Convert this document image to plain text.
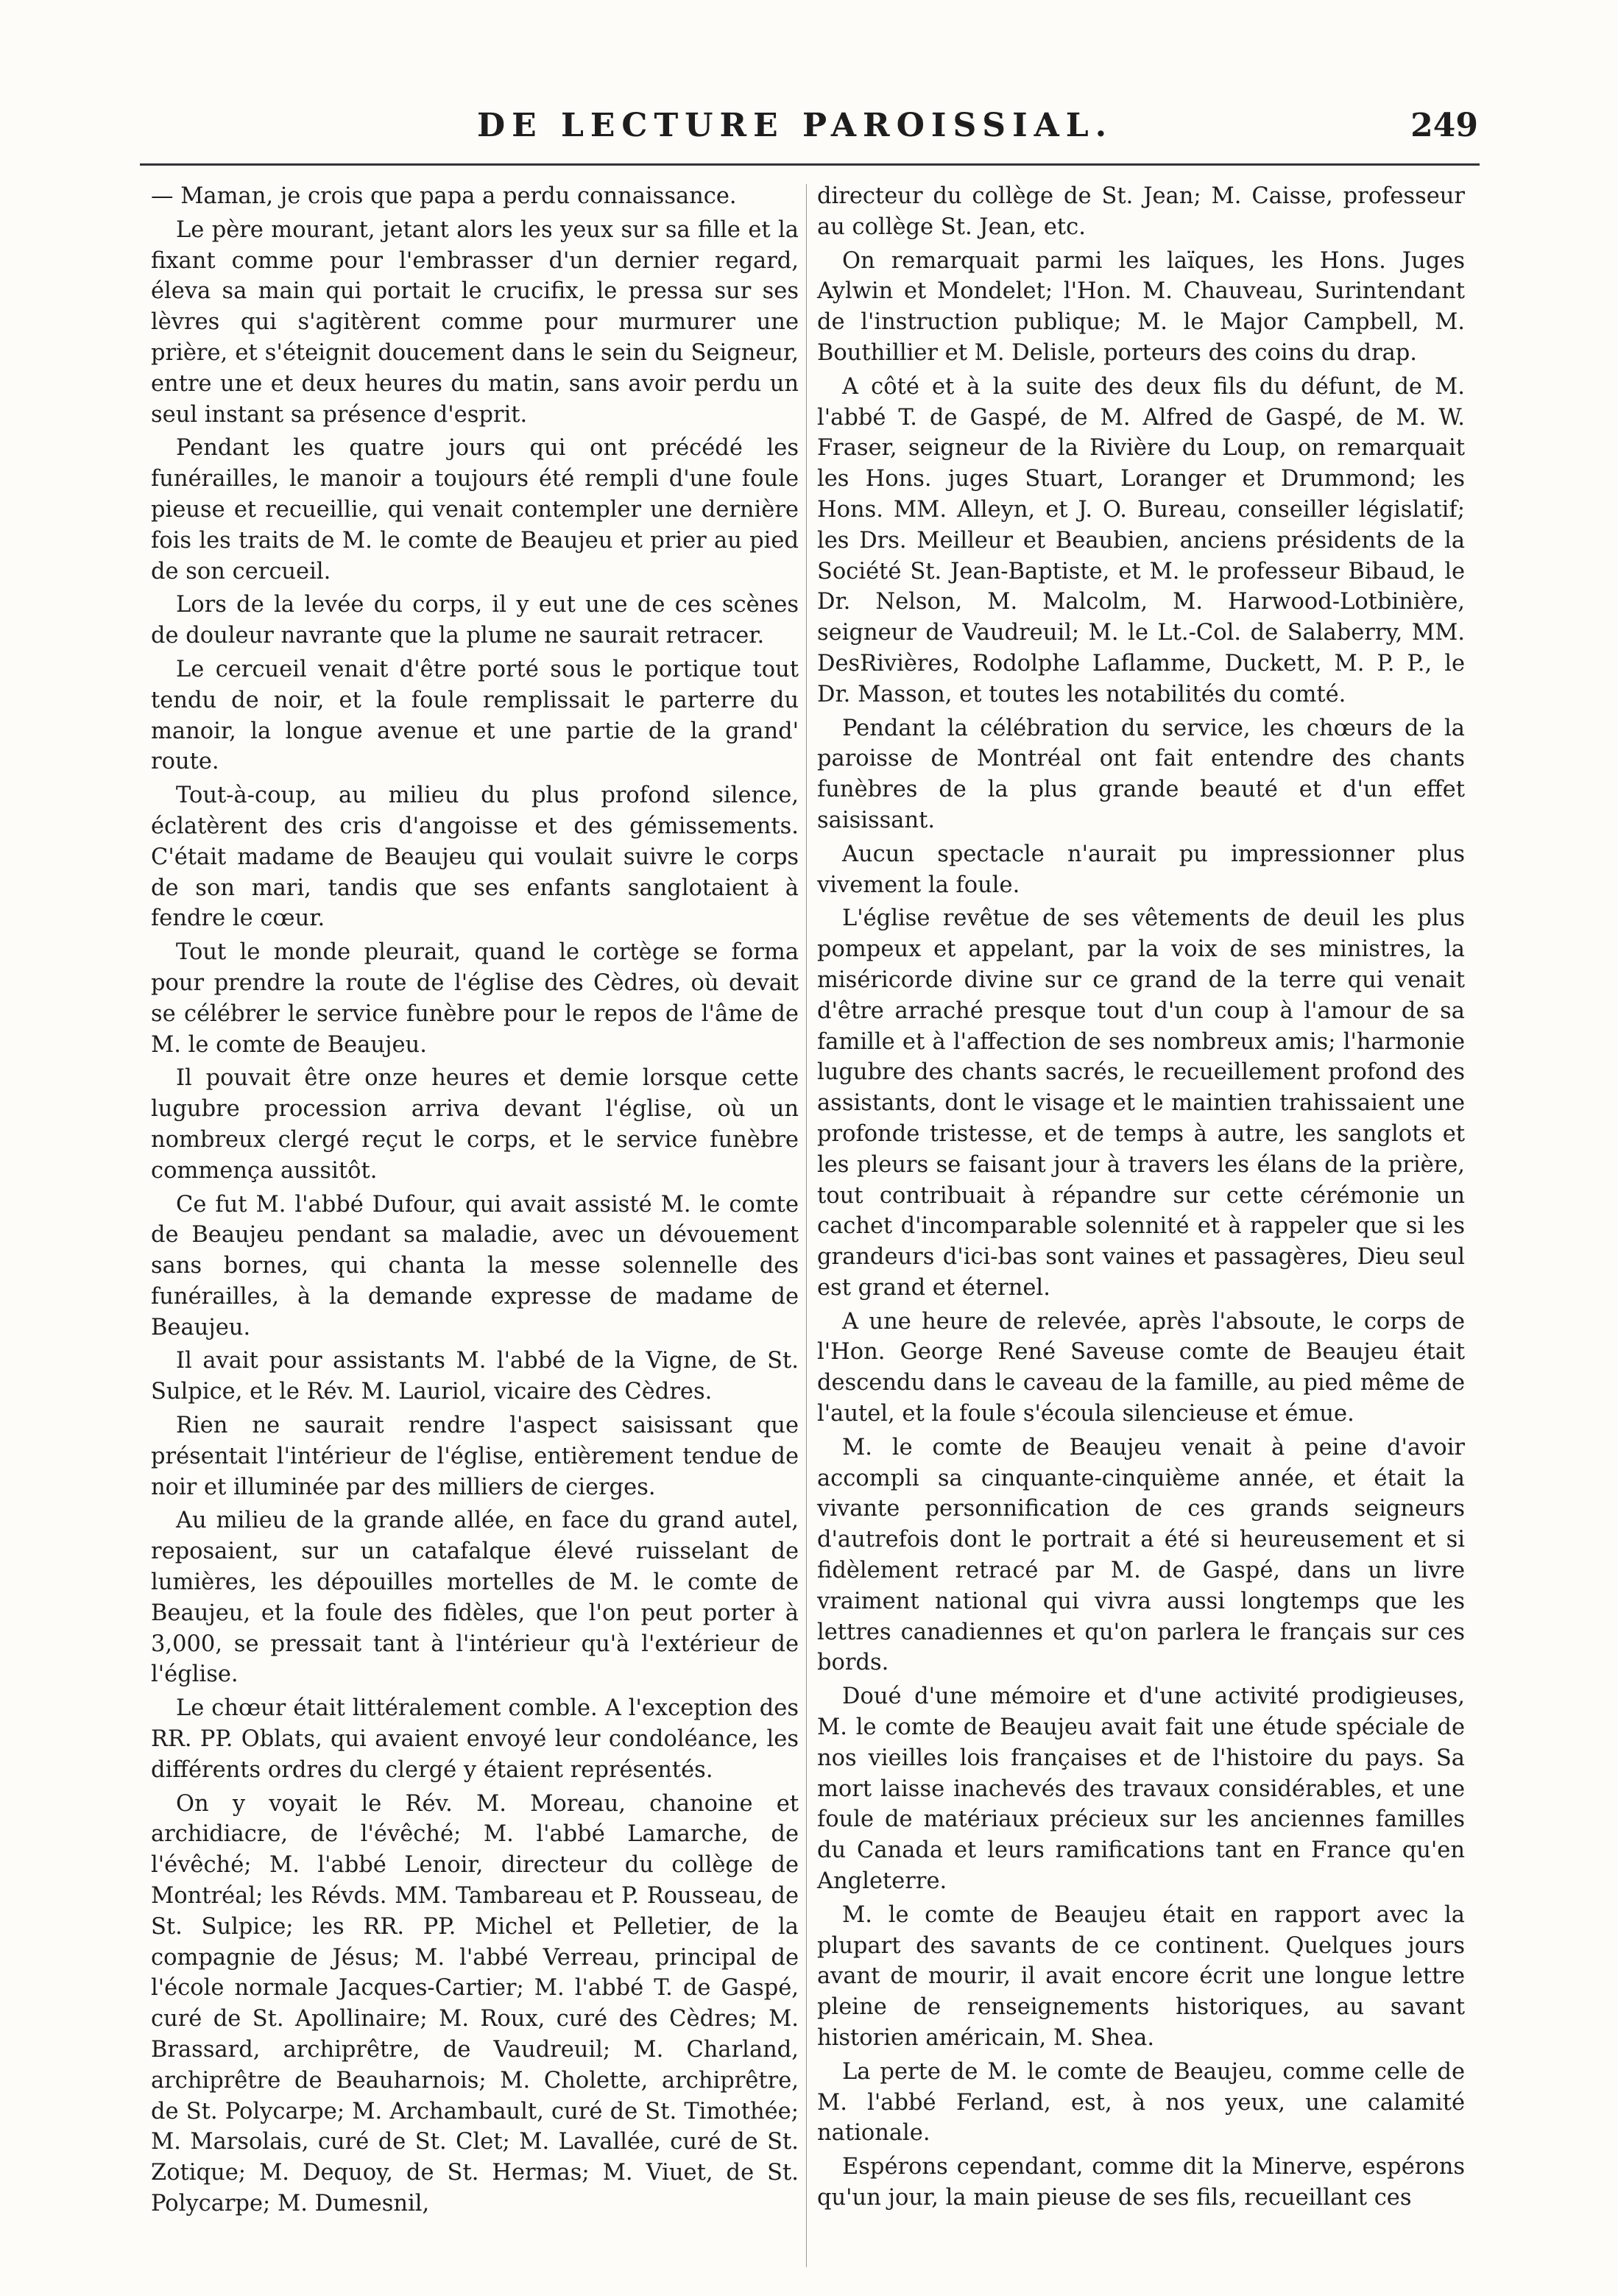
DE LECTURE PAROISSIAL.	249

— Maman, je crois que papa a perdu connaissance.

Le père mourant, jetant alors les yeux sur sa fille et la fixant comme pour l'embrasser d'un dernier regard, éleva sa main qui portait le crucifix, le pressa sur ses lèvres qui s'agitèrent comme pour murmurer une prière, et s'éteignit doucement dans le sein du Seigneur, entre une et deux heures du matin, sans avoir perdu un seul instant sa présence d'esprit.

Pendant les quatre jours qui ont précédé les funérailles, le manoir a toujours été rempli d'une foule pieuse et recueillie, qui venait contempler une dernière fois les traits de M. le comte de Beaujeu et prier au pied de son cercueil.

Lors de la levée du corps, il y eut une de ces scènes de douleur navrante que la plume ne saurait retracer.

Le cercueil venait d'être porté sous le portique tout tendu de noir, et la foule remplissait le parterre du manoir, la longue avenue et une partie de la grand' route.

Tout-à-coup, au milieu du plus profond silence, éclatèrent des cris d'angoisse et des gémissements. C'était madame de Beaujeu qui voulait suivre le corps de son mari, tandis que ses enfants sanglotaient à fendre le cœur.

Tout le monde pleurait, quand le cortège se forma pour prendre la route de l'église des Cèdres, où devait se célébrer le service funèbre pour le repos de l'âme de M. le comte de Beaujeu.

Il pouvait être onze heures et demie lorsque cette lugubre procession arriva devant l'église, où un nombreux clergé reçut le corps, et le service funèbre commença aussitôt.

Ce fut M. l'abbé Dufour, qui avait assisté M. le comte de Beaujeu pendant sa maladie, avec un dévouement sans bornes, qui chanta la messe solennelle des funérailles, à la demande expresse de madame de Beaujeu.

Il avait pour assistants M. l'abbé de la Vigne, de St. Sulpice, et le Rév. M. Lauriol, vicaire des Cèdres.

Rien ne saurait rendre l'aspect saisissant que présentait l'intérieur de l'église, entièrement tendue de noir et illuminée par des milliers de cierges.

Au milieu de la grande allée, en face du grand autel, reposaient, sur un catafalque élevé ruisselant de lumières, les dépouilles mortelles de M. le comte de Beaujeu, et la foule des fidèles, que l'on peut porter à 3,000, se pressait tant à l'intérieur qu'à l'extérieur de l'église.

Le chœur était littéralement comble. A l'exception des RR. PP. Oblats, qui avaient envoyé leur condoléance, les différents ordres du clergé y étaient représentés.

On y voyait le Rév. M. Moreau, chanoine et archidiacre, de l'évêché; M. l'abbé Lamarche, de l'évêché; M. l'abbé Lenoir, directeur du collège de Montréal; les Révds. MM. Tambareau et P. Rousseau, de St. Sulpice; les RR. PP. Michel et Pelletier, de la compagnie de Jésus; M. l'abbé Verreau, principal de l'école normale Jacques-Cartier; M. l'abbé T. de Gaspé, curé de St. Apollinaire; M. Roux, curé des Cèdres; M. Brassard, archiprêtre, de Vaudreuil; M. Charland, archiprêtre de Beauharnois; M. Cholette, archiprêtre, de St. Polycarpe; M. Archambault, curé de St. Timothée; M. Marsolais, curé de St. Clet; M. Lavallée, curé de St. Zotique; M. Dequoy, de St. Hermas; M. Viuet, de St. Polycarpe; M. Dumesnil,

directeur du collège de St. Jean; M. Caisse, professeur au collège St. Jean, etc.

On remarquait parmi les laïques, les Hons. Juges Aylwin et Mondelet; l'Hon. M. Chauveau, Surintendant de l'instruction publique; M. le Major Campbell, M. Bouthillier et M. Delisle, porteurs des coins du drap.

A côté et à la suite des deux fils du défunt, de M. l'abbé T. de Gaspé, de M. Alfred de Gaspé, de M. W. Fraser, seigneur de la Rivière du Loup, on remarquait les Hons. juges Stuart, Loranger et Drummond; les Hons. MM. Alleyn, et J. O. Bureau, conseiller législatif; les Drs. Meilleur et Beaubien, anciens présidents de la Société St. Jean-Baptiste, et M. le professeur Bibaud, le Dr. Nelson, M. Malcolm, M. Harwood-Lotbinière, seigneur de Vaudreuil; M. le Lt.-Col. de Salaberry, MM. DesRivières, Rodolphe Laflamme, Duckett, M. P. P., le Dr. Masson, et toutes les notabilités du comté.

Pendant la célébration du service, les chœurs de la paroisse de Montréal ont fait entendre des chants funèbres de la plus grande beauté et d'un effet saisissant.

Aucun spectacle n'aurait pu impressionner plus vivement la foule.

L'église revêtue de ses vêtements de deuil les plus pompeux et appelant, par la voix de ses ministres, la miséricorde divine sur ce grand de la terre qui venait d'être arraché presque tout d'un coup à l'amour de sa famille et à l'affection de ses nombreux amis; l'harmonie lugubre des chants sacrés, le recueillement profond des assistants, dont le visage et le maintien trahissaient une profonde tristesse, et de temps à autre, les sanglots et les pleurs se faisant jour à travers les élans de la prière, tout contribuait à répandre sur cette cérémonie un cachet d'incomparable solennité et à rappeler que si les grandeurs d'ici-bas sont vaines et passagères, Dieu seul est grand et éternel.

A une heure de relevée, après l'absoute, le corps de l'Hon. George René Saveuse comte de Beaujeu était descendu dans le caveau de la famille, au pied même de l'autel, et la foule s'écoula silencieuse et émue.

M. le comte de Beaujeu venait à peine d'avoir accompli sa cinquante-cinquième année, et était la vivante personnification de ces grands seigneurs d'autrefois dont le portrait a été si heureusement et si fidèlement retracé par M. de Gaspé, dans un livre vraiment national qui vivra aussi longtemps que les lettres canadiennes et qu'on parlera le français sur ces bords.

Doué d'une mémoire et d'une activité prodigieuses, M. le comte de Beaujeu avait fait une étude spéciale de nos vieilles lois françaises et de l'histoire du pays. Sa mort laisse inachevés des travaux considérables, et une foule de matériaux précieux sur les anciennes familles du Canada et leurs ramifications tant en France qu'en Angleterre.

M. le comte de Beaujeu était en rapport avec la plupart des savants de ce continent. Quelques jours avant de mourir, il avait encore écrit une longue lettre pleine de renseignements historiques, au savant historien américain, M. Shea.

La perte de M. le comte de Beaujeu, comme celle de M. l'abbé Ferland, est, à nos yeux, une calamité nationale.

Espérons cependant, comme dit la Minerve, espérons qu'un jour, la main pieuse de ses fils, recueillant ces
